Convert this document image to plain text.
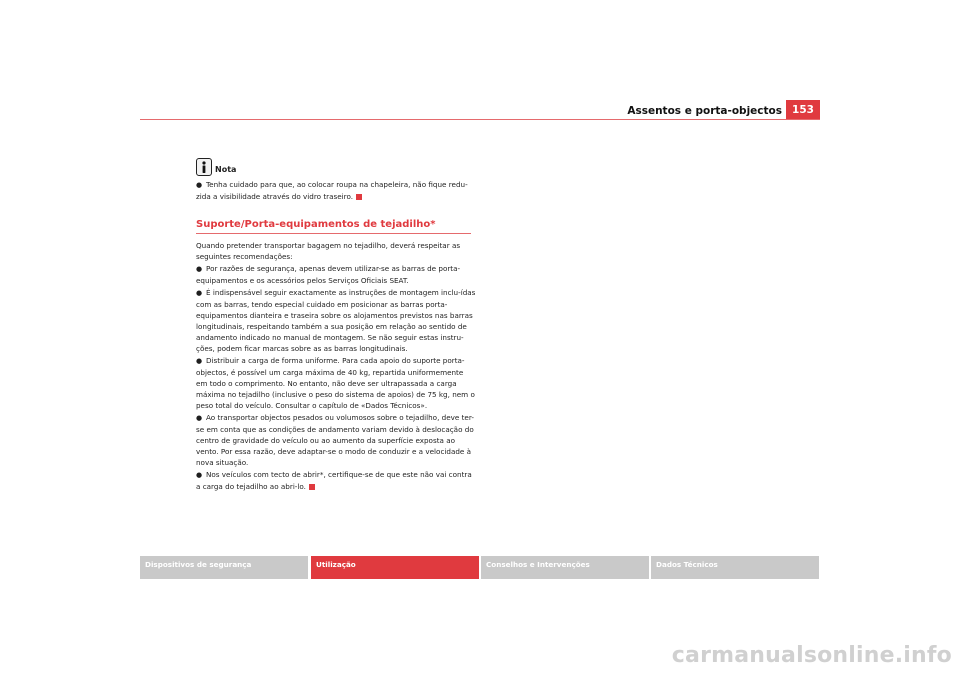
Assentos e porta-objectos 153
Nota

● Tenha cuidado para que, ao colocar roupa na chapeleira, não fique redu-zida a visibilidade através do vidro traseiro.

Suporte/Porta-equipamentos de tejadilho*

Quando pretender transportar bagagem no tejadilho, deverá respeitar as seguintes recomendações:

● Por razões de segurança, apenas devem utilizar-se as barras de porta-equipamentos e os acessórios pelos Serviços Oficiais SEAT.

● É indispensável seguir exactamente as instruções de montagem inclu-ídas com as barras, tendo especial cuidado em posicionar as barras porta-equipamentos dianteira e traseira sobre os alojamentos previstos nas barras longitudinais, respeitando também a sua posição em relação ao sentido de andamento indicado no manual de montagem. Se não seguir estas instru-ções, podem ficar marcas sobre as as barras longitudinais.

● Distribuir a carga de forma uniforme. Para cada apoio do suporte porta-objectos, é possível um carga máxima de 40 kg, repartida uniformemente em todo o comprimento. No entanto, não deve ser ultrapassada a carga máxima no tejadilho (inclusive o peso do sistema de apoios) de 75 kg, nem o peso total do veículo. Consultar o capítulo de «Dados Técnicos».

● Ao transportar objectos pesados ou volumosos sobre o tejadilho, deve ter-se em conta que as condições de andamento variam devido à deslocação do centro de gravidade do veículo ou ao aumento da superfície exposta ao vento. Por essa razão, deve adaptar-se o modo de conduzir e a velocidade à nova situação.

● Nos veículos com tecto de abrir*, certifique-se de que este não vai contra a carga do tejadilho ao abri-lo.

Dispositivos de segurança	Utilização	Conselhos e Intervenções	Dados Técnicos
carmanualsonline.info
